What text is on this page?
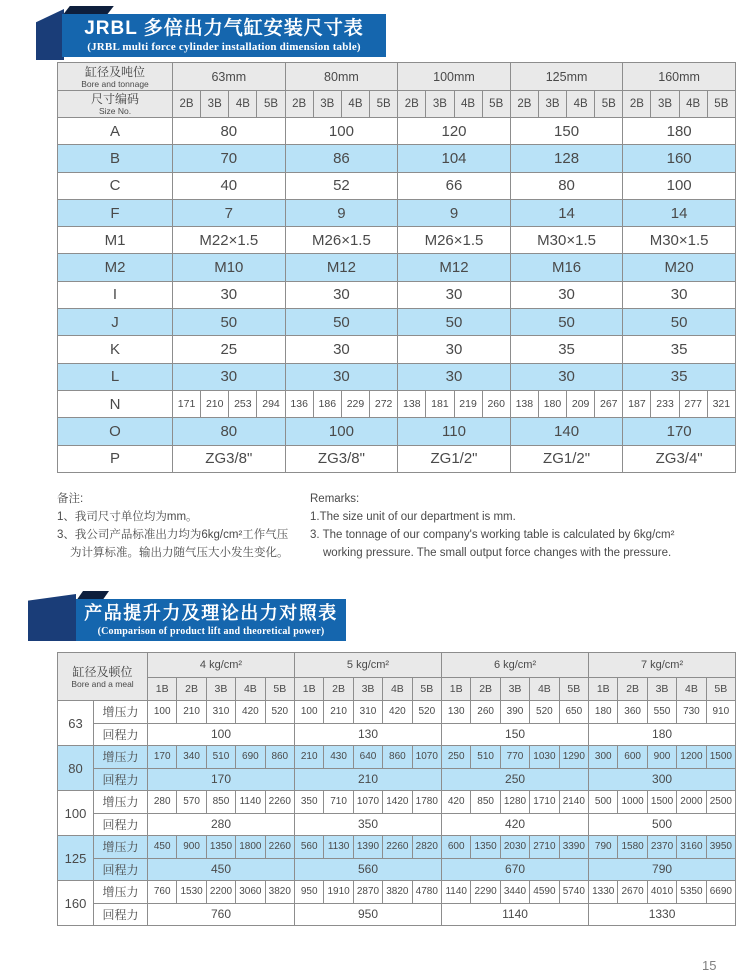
JRBL 多倍出力气缸安装尺寸表
(JRBL multi force cylinder installation dimension table)
缸径及吨位
Bore and tonnage	63mm				80mm				100mm				125mm				160mm			

尺寸编码
Size No.	2B	3B	4B	5B	2B	3B	4B	5B	2B	3B	4B	5B	2B	3B	4B	5B	2B	3B	4B	5B
A	80				100				120				150				180			
B	70				86				104				128				160			
C	40				52				66				80				100			
F	7				9				9				14				14			
M1	M22×1.5				M26×1.5				M26×1.5				M30×1.5				M30×1.5			
M2	M10				M12				M12				M16				M20			
I	30				30				30				30				30			
J	50				50				50				50				50			
K	25				30				30				35				35			
L	30				30				30				30				35			
N	171	210	253	294	136	186	229	272	138	181	219	260	138	180	209	267	187	233	277	321
O	80				100				110				140				170			
P	ZG3/8"				ZG3/8"				ZG1/2"				ZG1/2"				ZG3/4"			
备注:
1、我司尺寸单位均为mm。
3、我公司产品标准出力均为6kg/cm²工作气压
为计算标准。输出力随气压大小发生变化。
Remarks:
1.The size unit of our department is mm.
3. The tonnage of our company's working table is calculated by 6kg/cm²
working pressure. The small output force changes with the pressure.
产品提升力及理论出力对照表
(Comparison of product lift and theoretical power)
缸径及顿位
Bore and a meal		4 kg/cm²					5 kg/cm²					6 kg/cm²					7 kg/cm²				
		1B	2B	3B	4B	5B	1B	2B	3B	4B	5B	1B	2B	3B	4B	5B	1B	2B	3B	4B	5B
63	增压力	100	210	310	420	520	100	210	310	420	520	130	260	390	520	650	180	360	550	730	910
	回程力	100					130					150					180				
80	增压力	170	340	510	690	860	210	430	640	860	1070	250	510	770	1030	1290	300	600	900	1200	1500
	回程力	170					210					250					300				
100	增压力	280	570	850	1140	2260	350	710	1070	1420	1780	420	850	1280	1710	2140	500	1000	1500	2000	2500
	回程力	280					350					420					500				
125	增压力	450	900	1350	1800	2260	560	1130	1390	2260	2820	600	1350	2030	2710	3390	790	1580	2370	3160	3950
	回程力	450					560					670					790				
160	增压力	760	1530	2200	3060	3820	950	1910	2870	3820	4780	1140	2290	3440	4590	5740	1330	2670	4010	5350	6690
	回程力	760					950					1140					1330				
15
